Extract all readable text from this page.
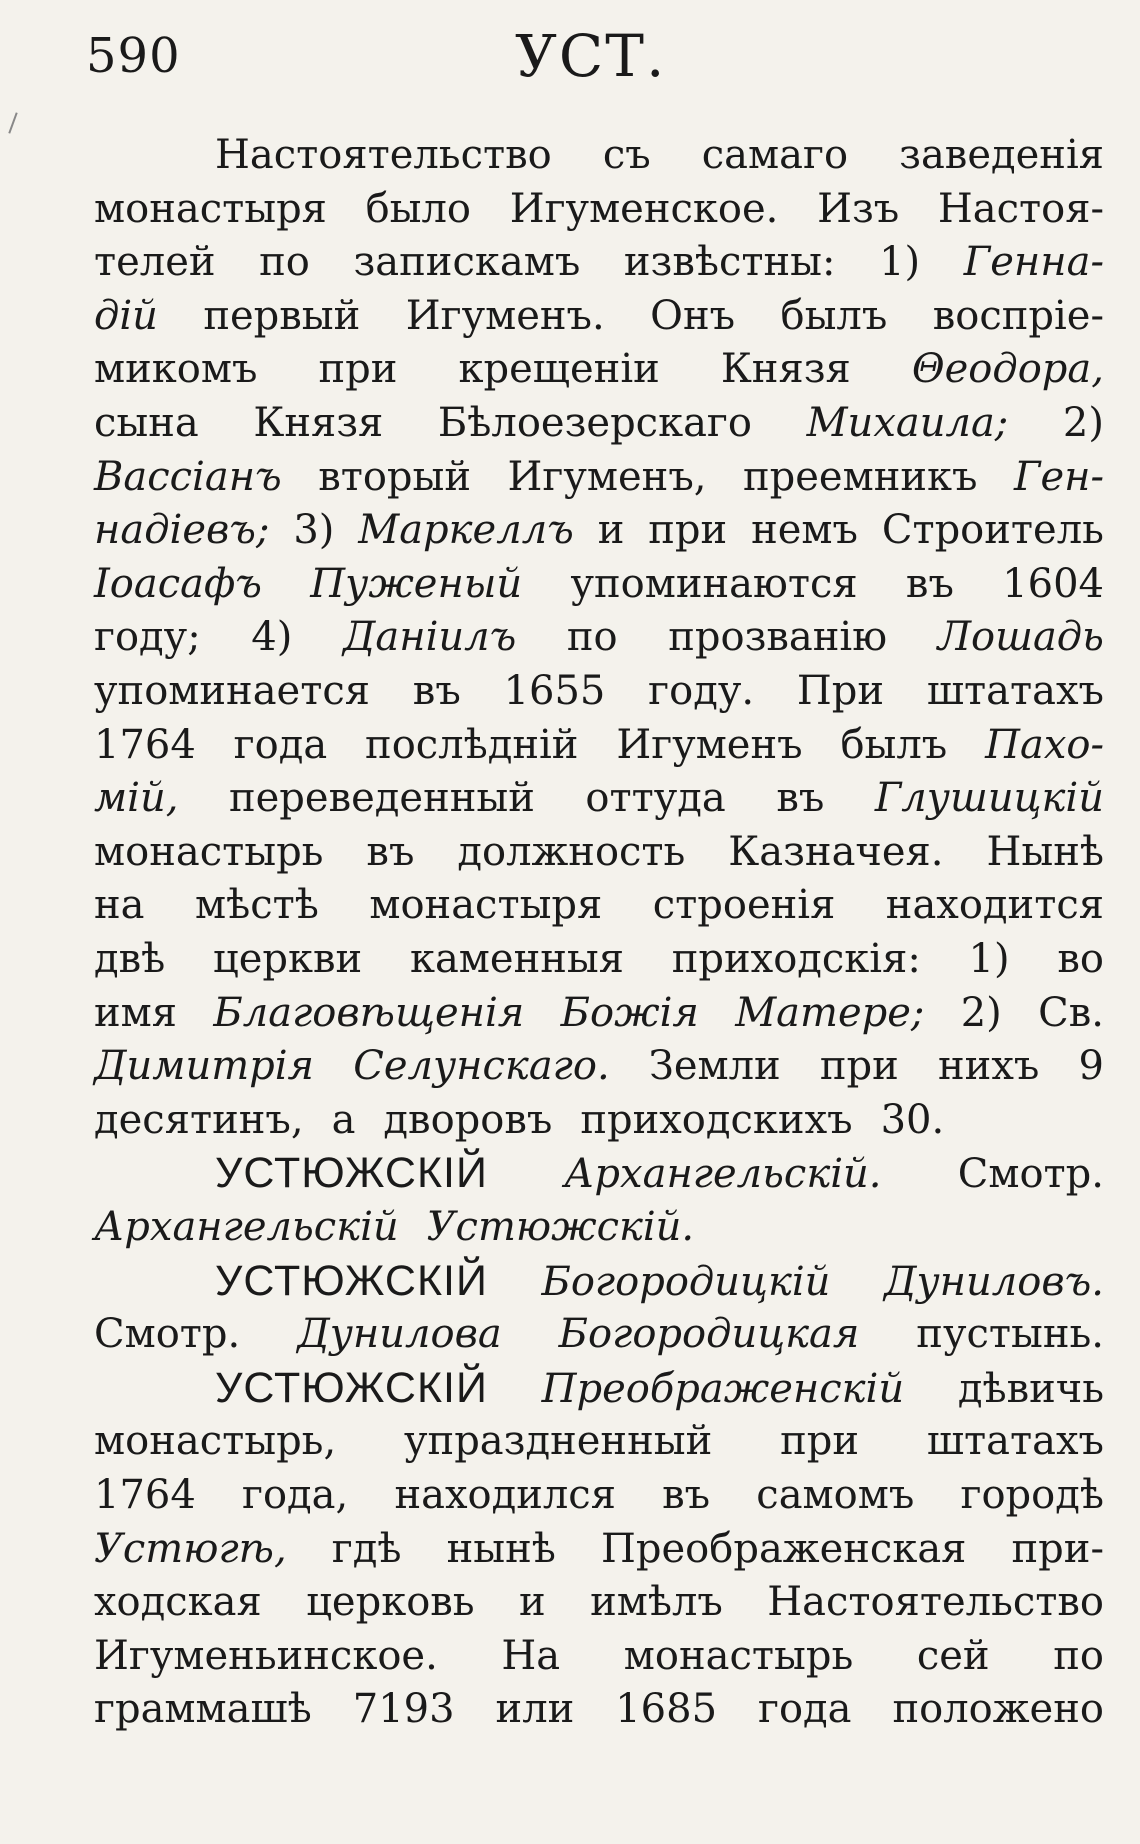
590	УСТ.
Настоятельство съ самаго заведенія
монастыря было Игуменское. Изъ Настоя-
телей по запискамъ извѣстны: 1) Генна-
дій первый Игуменъ. Онъ былъ воспріе-
микомъ при крещеніи Князя Θеодора,
сына Князя Бѣлоезерскаго Михаила; 2)
Вассіанъ вторый Игуменъ, преемникъ Ген-
надіевъ; 3) Маркеллъ и при немъ Строитель
Іоасафъ Пуженый упоминаются въ 1604
году; 4) Даніилъ по прозванію Лошадь
упоминается въ 1655 году. При штатахъ
1764 года послѣдній Игуменъ былъ Пахо-
мій, переведенный оттуда въ Глушицкій
монастырь въ должность Казначея. Нынѣ
на мѣстѣ монастыря строенія находится
двѣ церкви каменныя приходскія: 1) во
имя Благовѣщенія Божія Матере; 2) Св.
Димитрія Селунскаго. Земли при нихъ 9
десятинъ, а дворовъ приходскихъ 30.
УСТЮЖСКІЙ Архангельскій. Смотр.
Архангельскій Устюжскій.
УСТЮЖСКІЙ Богородицкій Дуниловъ.
Смотр. Дунилова Богородицкая пустынь.
УСТЮЖСКІЙ Преображенскій дѣвичь
монастырь, упраздненный при штатахъ
1764 года, находился въ самомъ городѣ
Устюгѣ, гдѣ нынѣ Преображенская при-
ходская церковь и имѣлъ Настоятельство
Игуменьинское. На монастырь сей по
граммашѣ 7193 или 1685 года положено
